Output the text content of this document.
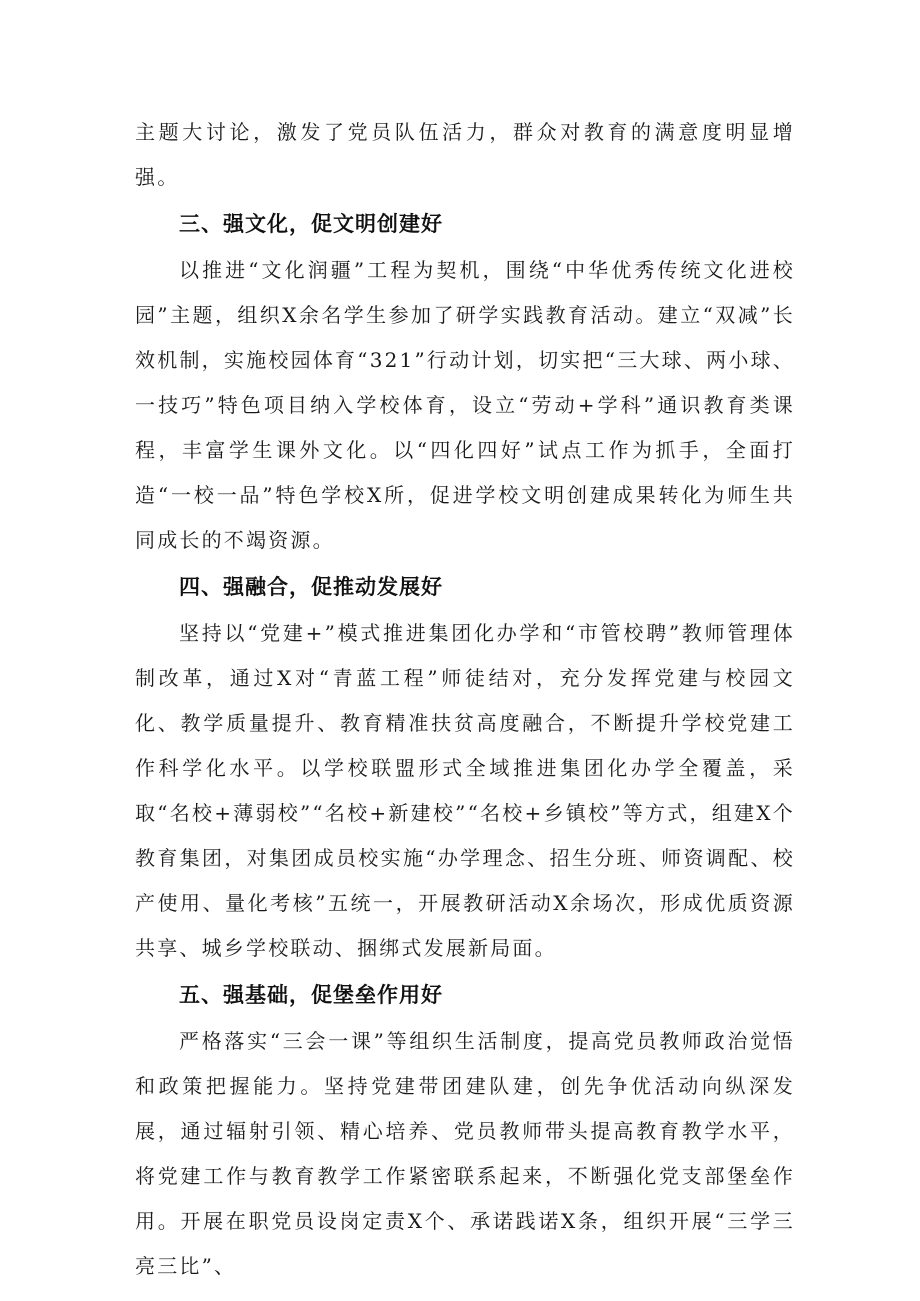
主题大讨论，激发了党员队伍活力，群众对教育的满意度明显增强。

三、强文化，促文明创建好

以推进“文化润疆”工程为契机，围绕“中华优秀传统文化进校园”主题，组织X余名学生参加了研学实践教育活动。建立“双减”长效机制，实施校园体育“321”行动计划，切实把“三大球、两小球、一技巧”特色项目纳入学校体育，设立“劳动+学科”通识教育类课程，丰富学生课外文化。以“四化四好”试点工作为抓手，全面打造“一校一品”特色学校X所，促进学校文明创建成果转化为师生共同成长的不竭资源。

四、强融合，促推动发展好

坚持以“党建+”模式推进集团化办学和“市管校聘”教师管理体制改革，通过X对“青蓝工程”师徒结对，充分发挥党建与校园文化、教学质量提升、教育精准扶贫高度融合，不断提升学校党建工作科学化水平。以学校联盟形式全域推进集团化办学全覆盖，采取“名校+薄弱校”“名校+新建校”“名校+乡镇校”等方式，组建X个教育集团，对集团成员校实施“办学理念、招生分班、师资调配、校产使用、量化考核”五统一，开展教研活动X余场次，形成优质资源共享、城乡学校联动、捆绑式发展新局面。

五、强基础，促堡垒作用好

严格落实“三会一课”等组织生活制度，提高党员教师政治觉悟和政策把握能力。坚持党建带团建队建，创先争优活动向纵深发展，通过辐射引领、精心培养、党员教师带头提高教育教学水平，将党建工作与教育教学工作紧密联系起来，不断强化党支部堡垒作用。开展在职党员设岗定责X个、承诺践诺X条，组织开展“三学三亮三比”、
